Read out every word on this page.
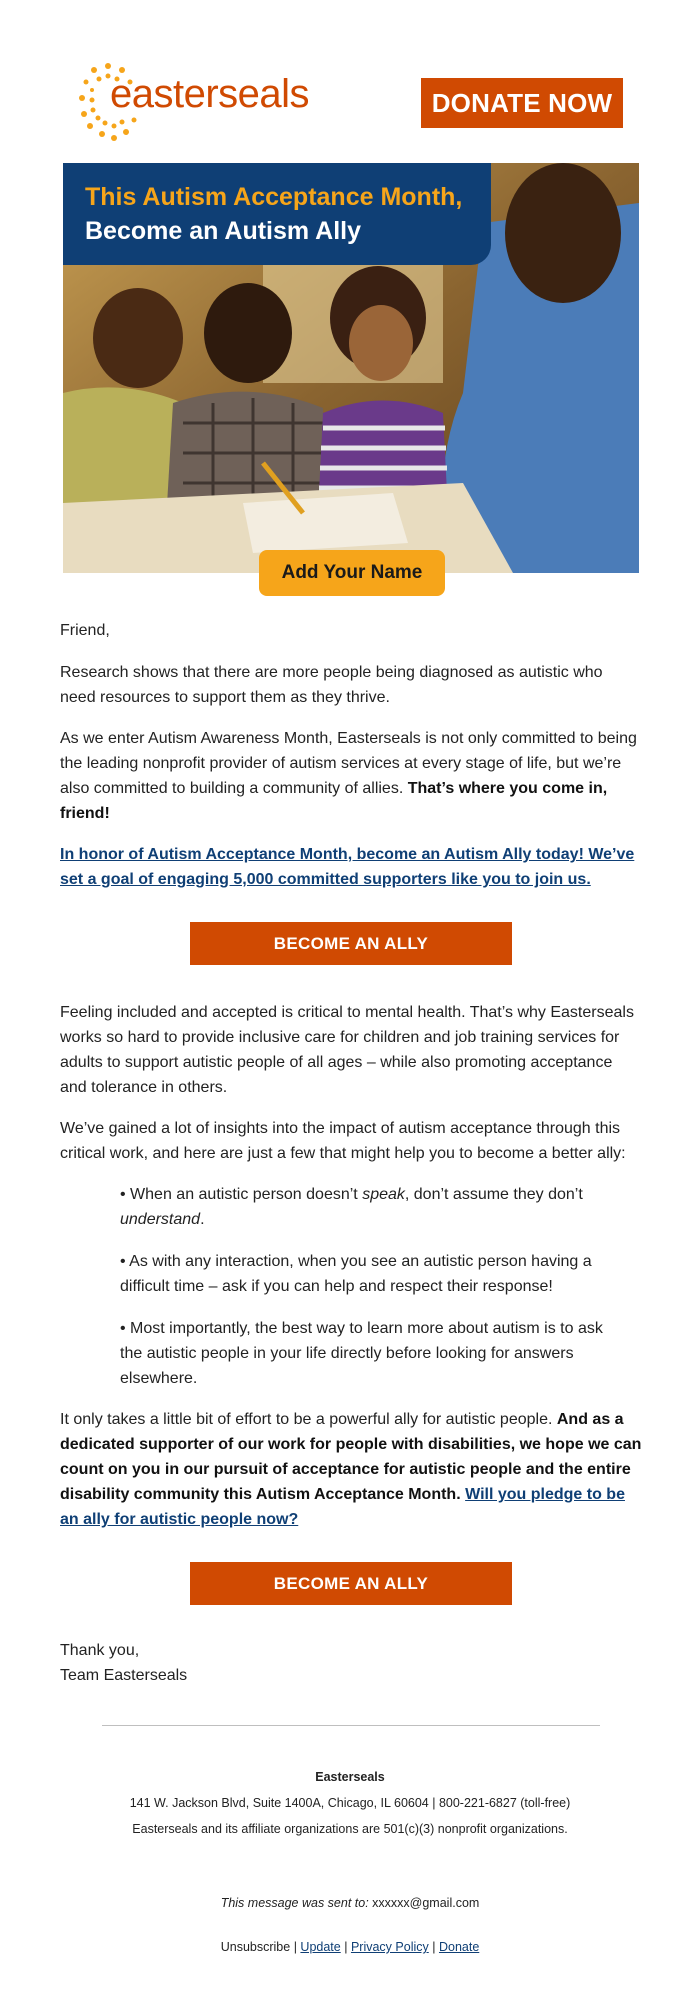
easterseals	DONATE NOW
This Autism Acceptance Month,
Become an Autism Ally
Add Your Name
Friend,
Research shows that there are more people being diagnosed as autistic who need resources to support them as they thrive.
As we enter Autism Awareness Month, Easterseals is not only committed to being the leading nonprofit provider of autism services at every stage of life, but we’re also committed to building a community of allies. That’s where you come in, friend!
In honor of Autism Acceptance Month, become an Autism Ally today! We’ve set a goal of engaging 5,000 committed supporters like you to join us.
BECOME AN ALLY
Feeling included and accepted is critical to mental health. That’s why Easterseals works so hard to provide inclusive care for children and job training services for adults to support autistic people of all ages – while also promoting acceptance and tolerance in others.
We’ve gained a lot of insights into the impact of autism acceptance through this critical work, and here are just a few that might help you to become a better ally:
• When an autistic person doesn’t speak, don’t assume they don’t understand.
• As with any interaction, when you see an autistic person having a difficult time – ask if you can help and respect their response!
• Most importantly, the best way to learn more about autism is to ask the autistic people in your life directly before looking for answers elsewhere.
It only takes a little bit of effort to be a powerful ally for autistic people. And as a dedicated supporter of our work for people with disabilities, we hope we can count on you in our pursuit of acceptance for autistic people and the entire disability community this Autism Acceptance Month. Will you pledge to be an ally for autistic people now?
BECOME AN ALLY
Thank you,
Team Easterseals
Easterseals
141 W. Jackson Blvd, Suite 1400A, Chicago, IL 60604 | 800-221-6827 (toll-free)
Easterseals and its affiliate organizations are 501(c)(3) nonprofit organizations.
This message was sent to: xxxxxx@gmail.com
Unsubscribe | Update | Privacy Policy | Donate
